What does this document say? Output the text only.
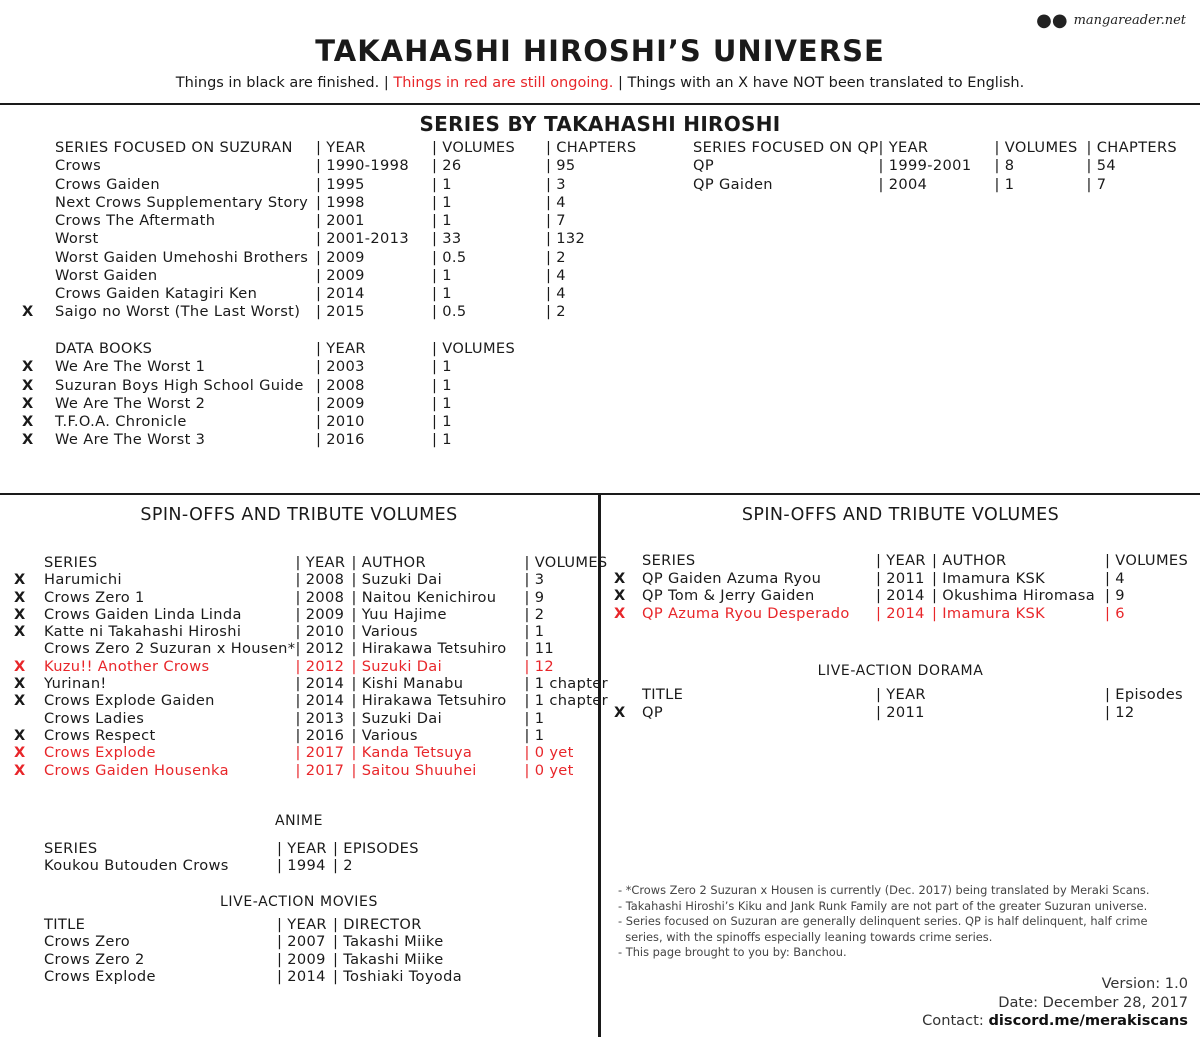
●● mangareader.net
TAKAHASHI HIROSHI’S UNIVERSE
Things in black are finished. | Things in red are still ongoing. | Things with an X have NOT been translated to English.
SERIES BY TAKAHASHI HIROSHI
	SERIES FOCUSED ON SUZURAN	| YEAR	| VOLUMES	| CHAPTERS
	Crows	| 1990-1998	| 26	| 95
	Crows Gaiden	| 1995	| 1	| 3
	Next Crows Supplementary Story	| 1998	| 1	| 4
	Crows The Aftermath	| 2001	| 1	| 7
	Worst	| 2001-2013	| 33	| 132
	Worst Gaiden Umehoshi Brothers	| 2009	| 0.5	| 2
	Worst Gaiden	| 2009	| 1	| 4
	Crows Gaiden Katagiri Ken	| 2014	| 1	| 4
X	Saigo no Worst (The Last Worst)	| 2015	| 0.5	| 2
SERIES FOCUSED ON QP	| YEAR	| VOLUMES	| CHAPTERS
QP	| 1999-2001	| 8	| 54
QP Gaiden	| 2004	| 1	| 7
	DATA BOOKS	| YEAR	| VOLUMES
X	We Are The Worst 1	| 2003	| 1
X	Suzuran Boys High School Guide	| 2008	| 1
X	We Are The Worst 2	| 2009	| 1
X	T.F.O.A. Chronicle	| 2010	| 1
X	We Are The Worst 3	| 2016	| 1
SPIN-OFFS AND TRIBUTE VOLUMES
	SERIES	| YEAR	| AUTHOR	| VOLUMES
X	Harumichi	| 2008	| Suzuki Dai	| 3
X	Crows Zero 1	| 2008	| Naitou Kenichirou	| 9
X	Crows Gaiden Linda Linda	| 2009	| Yuu Hajime	| 2
X	Katte ni Takahashi Hiroshi	| 2010	| Various	| 1
	Crows Zero 2 Suzuran x Housen*	| 2012	| Hirakawa Tetsuhiro	| 11
X	Kuzu!! Another Crows	| 2012	| Suzuki Dai	| 12
X	Yurinan!	| 2014	| Kishi Manabu	| 1 chapter
X	Crows Explode Gaiden	| 2014	| Hirakawa Tetsuhiro	| 1 chapter
	Crows Ladies	| 2013	| Suzuki Dai	| 1
X	Crows Respect	| 2016	| Various	| 1
X	Crows Explode	| 2017	| Kanda Tetsuya	| 0 yet
X	Crows Gaiden Housenka	| 2017	| Saitou Shuuhei	| 0 yet
ANIME
	SERIES	| YEAR	| EPISODES
	Koukou Butouden Crows	| 1994	| 2
LIVE-ACTION MOVIES
	TITLE	| YEAR	| DIRECTOR
	Crows Zero	| 2007	| Takashi Miike
	Crows Zero 2	| 2009	| Takashi Miike
	Crows Explode	| 2014	| Toshiaki Toyoda
SPIN-OFFS AND TRIBUTE VOLUMES
	SERIES	| YEAR	| AUTHOR	| VOLUMES
X	QP Gaiden Azuma Ryou	| 2011	| Imamura KSK	| 4
X	QP Tom & Jerry Gaiden	| 2014	| Okushima Hiromasa	| 9
X	QP Azuma Ryou Desperado	| 2014	| Imamura KSK	| 6
LIVE-ACTION DORAMA
	TITLE	| YEAR	| Episodes
X	QP	| 2011	| 12
- *Crows Zero 2 Suzuran x Housen is currently (Dec. 2017) being translated by Meraki Scans.
- Takahashi Hiroshi’s Kiku and Jank Runk Family are not part of the greater Suzuran universe.
- Series focused on Suzuran are generally delinquent series. QP is half delinquent, half crime
series, with the spinoffs especially leaning towards crime series.
- This page brought to you by: Banchou.
Version: 1.0
Date: December 28, 2017
Contact: discord.me/merakiscans
